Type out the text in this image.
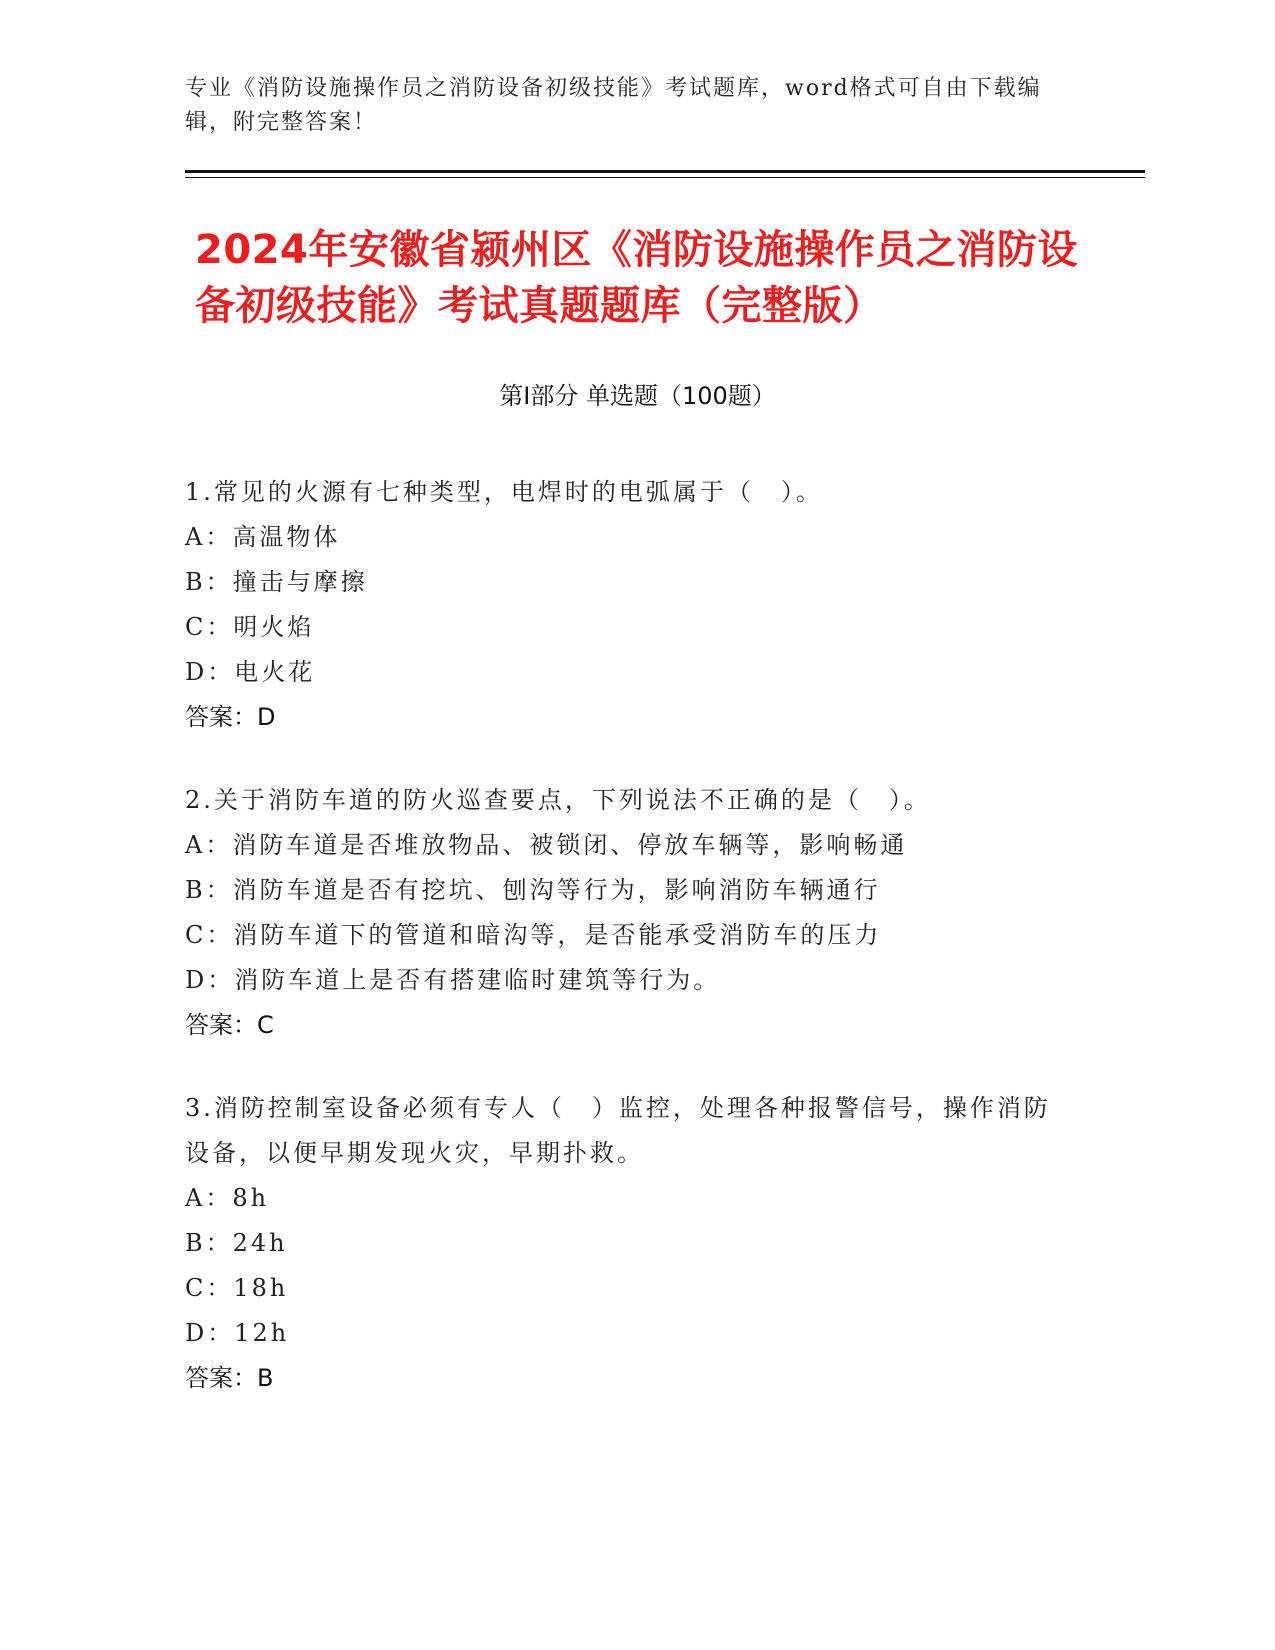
专业《消防设施操作员之消防设备初级技能》考试题库，word格式可自由下载编辑，附完整答案！
2024年安徽省颍州区《消防设施操作员之消防设备初级技能》考试真题题库（完整版）
第Ⅰ部分 单选题（100题）
1.常见的火源有七种类型，电焊时的电弧属于（　）。
A：高温物体
B：撞击与摩擦
C：明火焰
D：电火花
答案：D
2.关于消防车道的防火巡查要点，下列说法不正确的是（　）。
A：消防车道是否堆放物品、被锁闭、停放车辆等，影响畅通
B：消防车道是否有挖坑、刨沟等行为，影响消防车辆通行
C：消防车道下的管道和暗沟等，是否能承受消防车的压力
D：消防车道上是否有搭建临时建筑等行为。
答案：C
3.消防控制室设备必须有专人（　）监控，处理各种报警信号，操作消防设备，以便早期发现火灾，早期扑救。
A：8h
B：24h
C：18h
D：12h
答案：B
